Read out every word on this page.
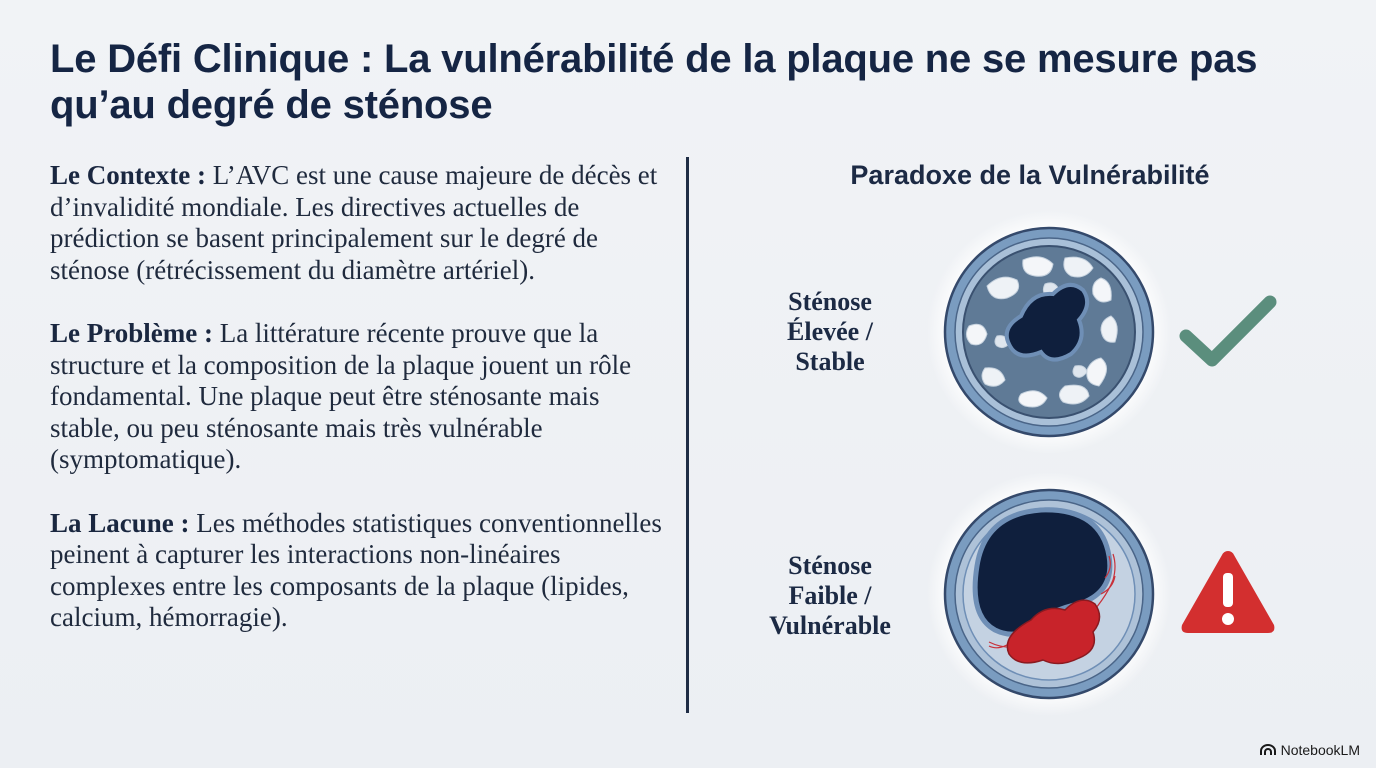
Le Défi Clinique : La vulnérabilité de la plaque ne se mesure pas qu’au degré de sténose

Le Contexte : L’AVC est une cause majeure de décès et d’invalidité mondiale. Les directives actuelles de prédiction se basent principalement sur le degré de sténose (rétrécissement du diamètre artériel).

Le Problème : La littérature récente prouve que la structure et la composition de la plaque jouent un rôle fondamental. Une plaque peut être sténosante mais stable, ou peu sténosante mais très vulnérable (symptomatique).

La Lacune : Les méthodes statistiques conventionnelles peinent à capturer les interactions non-linéaires complexes entre les composants de la plaque (lipides, calcium, hémorragie).

Paradoxe de la Vulnérabilité
Sténose
Élevée /
Stable
Sténose
Faible /
Vulnérable
NotebookLM
